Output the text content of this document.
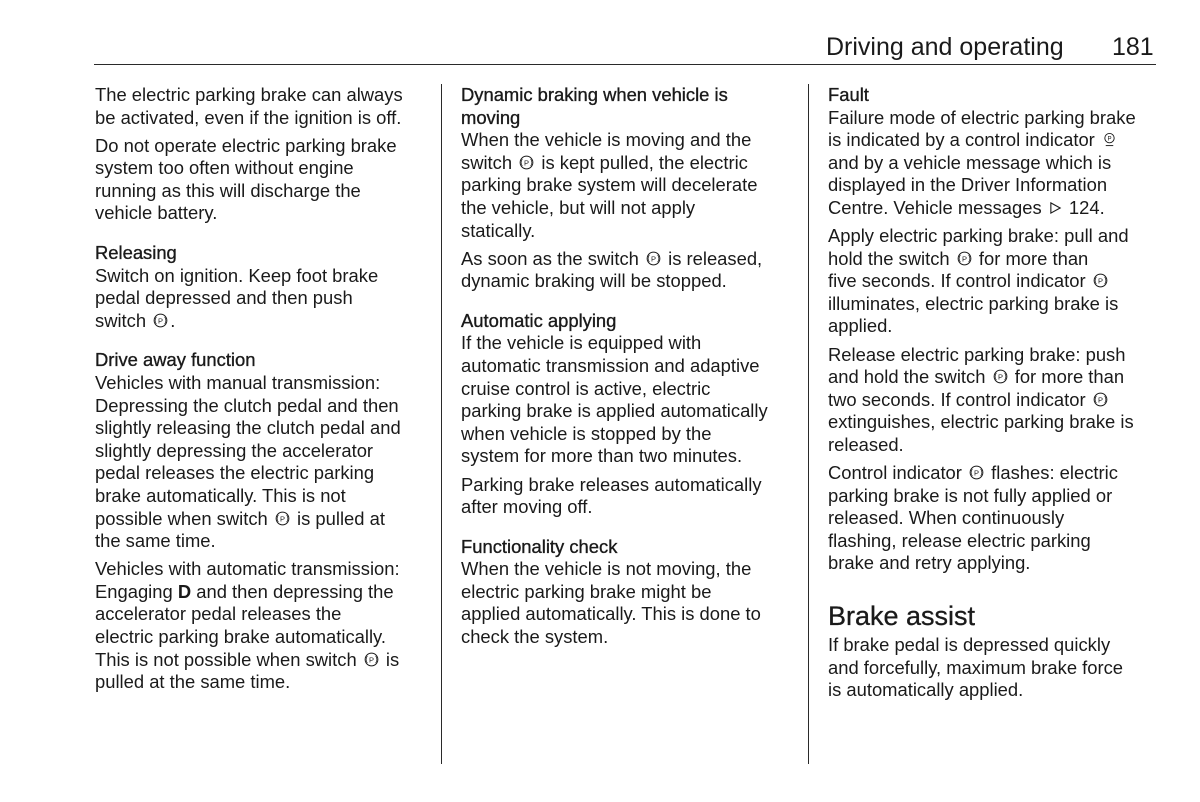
Driving and operating 181
The electric parking brake can always
be activated, even if the ignition is off.
Do not operate electric parking brake
system too often without engine
running as this will discharge the
vehicle battery.
Releasing
Switch on ignition. Keep foot brake
pedal depressed and then push
switch P .
Drive away function
Vehicles with manual transmission:
Depressing the clutch pedal and then
slightly releasing the clutch pedal and
slightly depressing the accelerator
pedal releases the electric parking
brake automatically. This is not
possible when switch P is pulled at
the same time.
Vehicles with automatic transmission:
Engaging D and then depressing the
accelerator pedal releases the
electric parking brake automatically.
This is not possible when switch P is
pulled at the same time.
Dynamic braking when vehicle is
moving
When the vehicle is moving and the
switch P is kept pulled, the electric
parking brake system will decelerate
the vehicle, but will not apply
statically.
As soon as the switch P is released,
dynamic braking will be stopped.
Automatic applying
If the vehicle is equipped with
automatic transmission and adaptive
cruise control is active, electric
parking brake is applied automatically
when vehicle is stopped by the
system for more than two minutes.
Parking brake releases automatically
after moving off.
Functionality check
When the vehicle is not moving, the
electric parking brake might be
applied automatically. This is done to
check the system.
Fault
Failure mode of electric parking brake
is indicated by a control indicator P
and by a vehicle message which is
displayed in the Driver Information
Centre. Vehicle messages 124.
Apply electric parking brake: pull and
hold the switch P for more than
five seconds. If control indicator P
illuminates, electric parking brake is
applied.
Release electric parking brake: push
and hold the switch P for more than
two seconds. If control indicator P
extinguishes, electric parking brake is
released.
Control indicator P flashes: electric
parking brake is not fully applied or
released. When continuously
flashing, release electric parking
brake and retry applying.
Brake assist
If brake pedal is depressed quickly
and forcefully, maximum brake force
is automatically applied.
